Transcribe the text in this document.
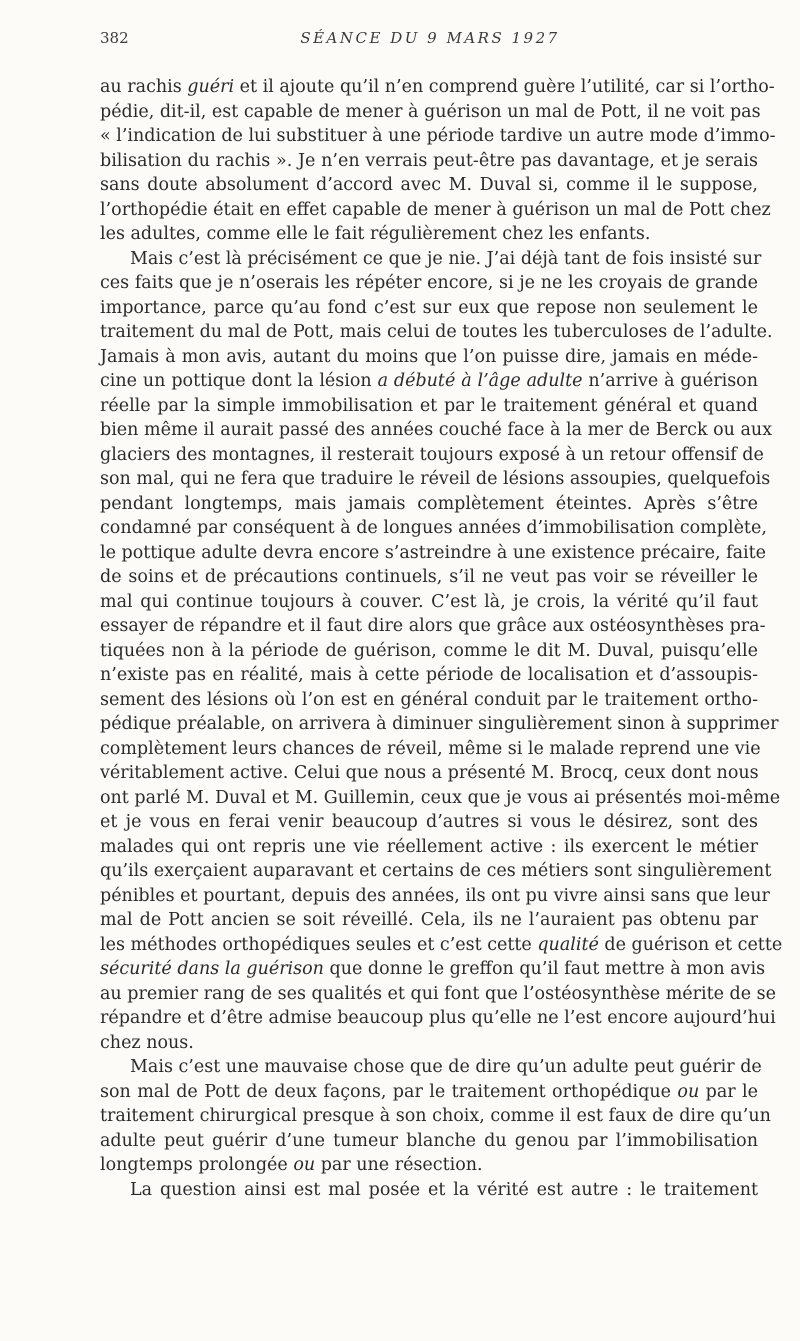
382	SÉANCE DU 9 MARS 1927
au rachis guéri et il ajoute qu’il n’en comprend guère l’utilité, car si l’ortho-
pédie, dit-il, est capable de mener à guérison un mal de Pott, il ne voit pas
« l’indication de lui substituer à une période tardive un autre mode d’immo-
bilisation du rachis ». Je n’en verrais peut-être pas davantage, et je serais
sans doute absolument d’accord avec M. Duval si, comme il le suppose,
l’orthopédie était en effet capable de mener à guérison un mal de Pott chez
les adultes, comme elle le fait régulièrement chez les enfants.
Mais c’est là précisément ce que je nie. J’ai déjà tant de fois insisté sur
ces faits que je n’oserais les répéter encore, si je ne les croyais de grande
importance, parce qu’au fond c’est sur eux que repose non seulement le
traitement du mal de Pott, mais celui de toutes les tuberculoses de l’adulte.
Jamais à mon avis, autant du moins que l’on puisse dire, jamais en méde-
cine un pottique dont la lésion a débuté à l’âge adulte n’arrive à guérison
réelle par la simple immobilisation et par le traitement général et quand
bien même il aurait passé des années couché face à la mer de Berck ou aux
glaciers des montagnes, il resterait toujours exposé à un retour offensif de
son mal, qui ne fera que traduire le réveil de lésions assoupies, quelquefois
pendant longtemps, mais jamais complètement éteintes. Après s’être
condamné par conséquent à de longues années d’immobilisation complète,
le pottique adulte devra encore s’astreindre à une existence précaire, faite
de soins et de précautions continuels, s’il ne veut pas voir se réveiller le
mal qui continue toujours à couver. C’est là, je crois, la vérité qu’il faut
essayer de répandre et il faut dire alors que grâce aux ostéosynthèses pra-
tiquées non à la période de guérison, comme le dit M. Duval, puisqu’elle
n’existe pas en réalité, mais à cette période de localisation et d’assoupis-
sement des lésions où l’on est en général conduit par le traitement ortho-
pédique préalable, on arrivera à diminuer singulièrement sinon à supprimer
complètement leurs chances de réveil, même si le malade reprend une vie
véritablement active. Celui que nous a présenté M. Brocq, ceux dont nous
ont parlé M. Duval et M. Guillemin, ceux que je vous ai présentés moi-même
et je vous en ferai venir beaucoup d’autres si vous le désirez, sont des
malades qui ont repris une vie réellement active : ils exercent le métier
qu’ils exerçaient auparavant et certains de ces métiers sont singulièrement
pénibles et pourtant, depuis des années, ils ont pu vivre ainsi sans que leur
mal de Pott ancien se soit réveillé. Cela, ils ne l’auraient pas obtenu par
les méthodes orthopédiques seules et c’est cette qualité de guérison et cette
sécurité dans la guérison que donne le greffon qu’il faut mettre à mon avis
au premier rang de ses qualités et qui font que l’ostéosynthèse mérite de se
répandre et d’être admise beaucoup plus qu’elle ne l’est encore aujourd’hui
chez nous.
Mais c’est une mauvaise chose que de dire qu’un adulte peut guérir de
son mal de Pott de deux façons, par le traitement orthopédique ou par le
traitement chirurgical presque à son choix, comme il est faux de dire qu’un
adulte peut guérir d’une tumeur blanche du genou par l’immobilisation
longtemps prolongée ou par une résection.
La question ainsi est mal posée et la vérité est autre : le traitement
